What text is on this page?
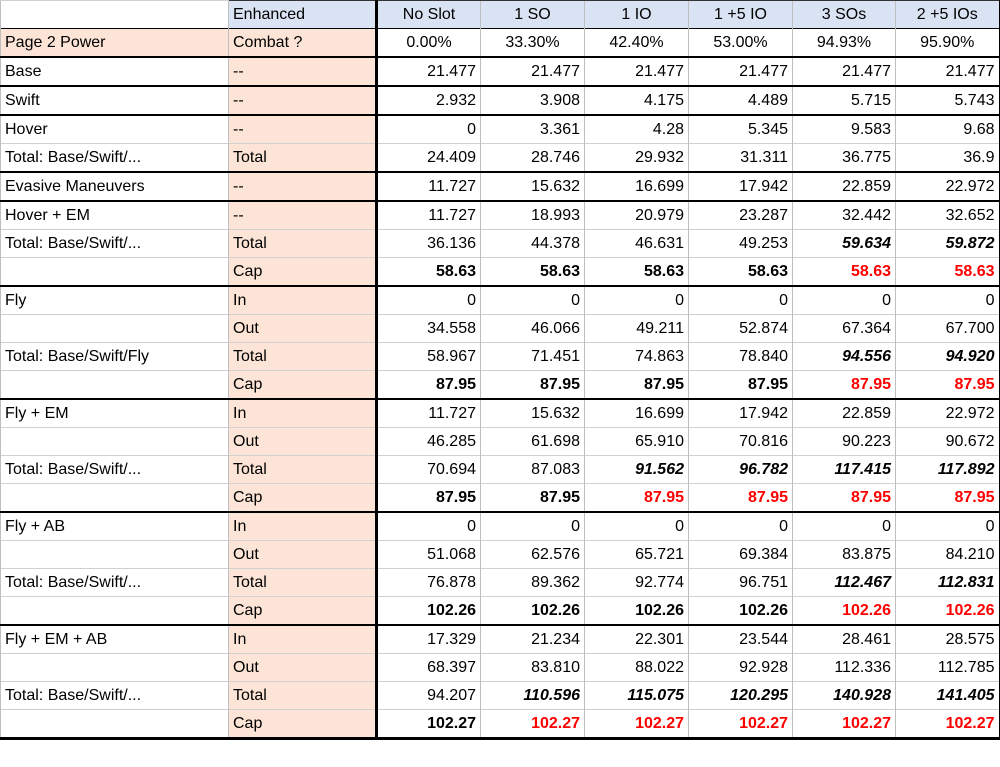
	Enhanced	No Slot	1 SO	1 IO	1 +5 IO	3 SOs	2 +5 IOs
Page 2 Power	Combat ?	0.00%	33.30%	42.40%	53.00%	94.93%	95.90%
Base	--	21.477	21.477	21.477	21.477	21.477	21.477
Swift	--	2.932	3.908	4.175	4.489	5.715	5.743
Hover	--	0	3.361	4.28	5.345	9.583	9.68
Total: Base/Swift/...	Total	24.409	28.746	29.932	31.311	36.775	36.9
Evasive Maneuvers	--	11.727	15.632	16.699	17.942	22.859	22.972
Hover + EM	--	11.727	18.993	20.979	23.287	32.442	32.652
Total: Base/Swift/...	Total	36.136	44.378	46.631	49.253	59.634	59.872
	Cap	58.63	58.63	58.63	58.63	58.63	58.63
Fly	In	0	0	0	0	0	0
	Out	34.558	46.066	49.211	52.874	67.364	67.700
Total: Base/Swift/Fly	Total	58.967	71.451	74.863	78.840	94.556	94.920
	Cap	87.95	87.95	87.95	87.95	87.95	87.95
Fly + EM	In	11.727	15.632	16.699	17.942	22.859	22.972
	Out	46.285	61.698	65.910	70.816	90.223	90.672
Total: Base/Swift/...	Total	70.694	87.083	91.562	96.782	117.415	117.892
	Cap	87.95	87.95	87.95	87.95	87.95	87.95
Fly + AB	In	0	0	0	0	0	0
	Out	51.068	62.576	65.721	69.384	83.875	84.210
Total: Base/Swift/...	Total	76.878	89.362	92.774	96.751	112.467	112.831
	Cap	102.26	102.26	102.26	102.26	102.26	102.26
Fly + EM + AB	In	17.329	21.234	22.301	23.544	28.461	28.575
	Out	68.397	83.810	88.022	92.928	112.336	112.785
Total: Base/Swift/...	Total	94.207	110.596	115.075	120.295	140.928	141.405
	Cap	102.27	102.27	102.27	102.27	102.27	102.27
